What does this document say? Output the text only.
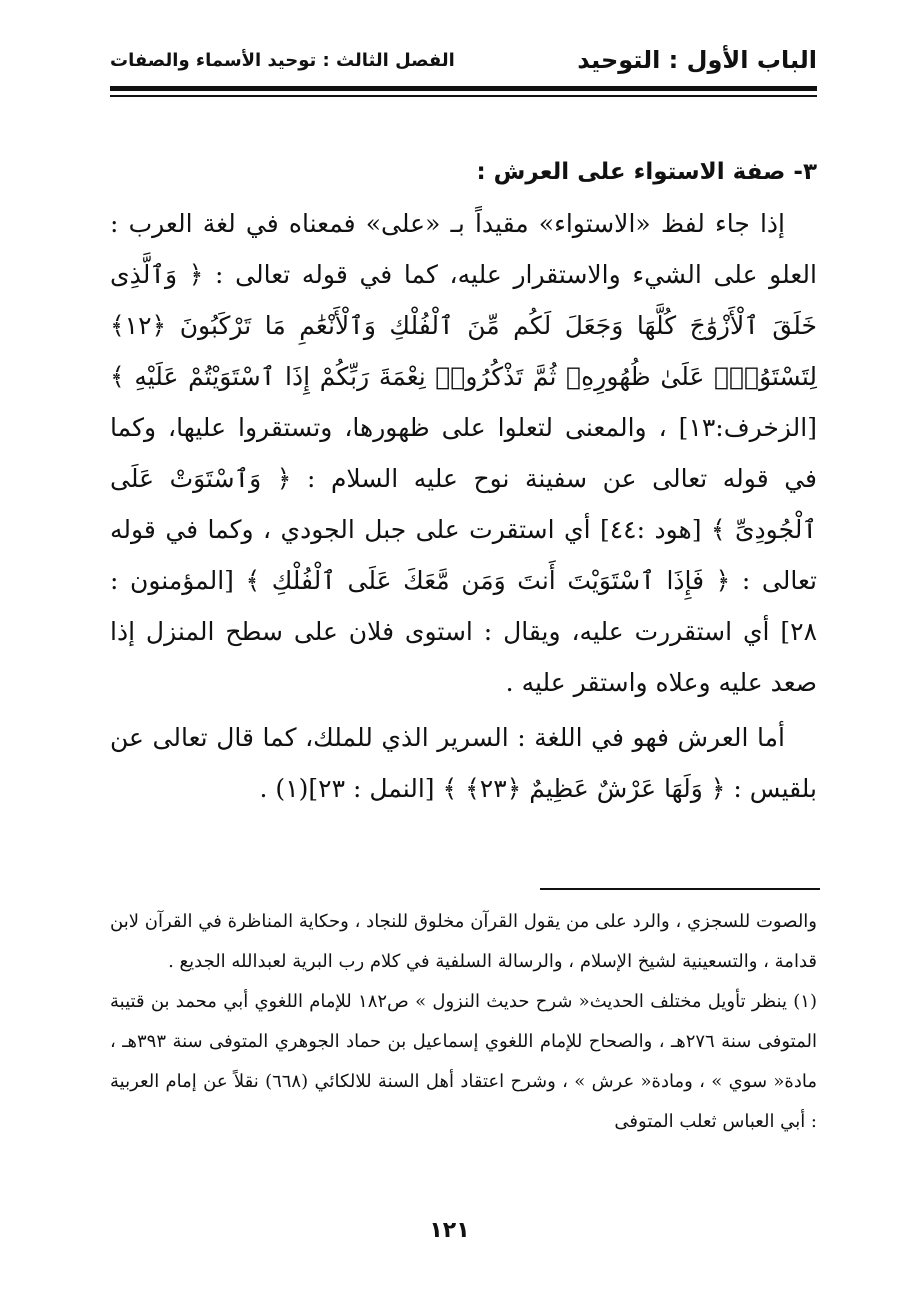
الباب الأول : التوحيد
الفصل الثالث : توحيد الأسماء والصفات

٣- صفة الاستواء على العرش :

إذا جاء لفظ «الاستواء» مقيداً بـ «على» فمعناه في لغة العرب : العلو على الشيء والاستقرار عليه، كما في قوله تعالى : ﴿ وَٱلَّذِى خَلَقَ ٱلْأَزْوَٰجَ كُلَّهَا وَجَعَلَ لَكُم مِّنَ ٱلْفُلْكِ وَٱلْأَنْعَٰمِ مَا تَرْكَبُونَ ﴿١٢﴾ لِتَسْتَوُۥا۟ عَلَىٰ ظُهُورِهِۦ ثُمَّ تَذْكُرُوا۟ نِعْمَةَ رَبِّكُمْ إِذَا ٱسْتَوَيْتُمْ عَلَيْهِ ﴾ [الزخرف:١٣] ، والمعنى لتعلوا على ظهورها، وتستقروا عليها، وكما في قوله تعالى عن سفينة نوح عليه السلام : ﴿ وَٱسْتَوَتْ عَلَى ٱلْجُودِىِّ ﴾ [هود :٤٤] أي استقرت على جبل الجودي ، وكما في قوله تعالى : ﴿ فَإِذَا ٱسْتَوَيْتَ أَنتَ وَمَن مَّعَكَ عَلَى ٱلْفُلْكِ ﴾ [المؤمنون : ٢٨] أي استقررت عليه، ويقال : استوى فلان على سطح المنزل إذا صعد عليه وعلاه واستقر عليه .

أما العرش فهو في اللغة : السرير الذي للملك، كما قال تعالى عن بلقيس : ﴿ وَلَهَا عَرْشٌ عَظِيمٌ ﴿٢٣﴾ ﴾ [النمل : ٢٣](١) .

والصوت للسجزي ، والرد على من يقول القرآن مخلوق للنجاد ، وحكاية المناظرة في القرآن لابن قدامة ، والتسعينية لشيخ الإسلام ، والرسالة السلفية في كلام رب البرية لعبدالله الجديع .

(١) ينظر تأويل مختلف الحديث« شرح حديث النزول » ص١٨٢ للإمام اللغوي أبي محمد بن قتيبة المتوفى سنة ٢٧٦هـ ، والصحاح للإمام اللغوي إسماعيل بن حماد الجوهري المتوفى سنة ٣٩٣هـ ، مادة« سوي » ، ومادة« عرش » ، وشرح اعتقاد أهل السنة للالكائي (٦٦٨) نقلاً عن إمام العربية : أبي العباس ثعلب المتوفى

١٢١
